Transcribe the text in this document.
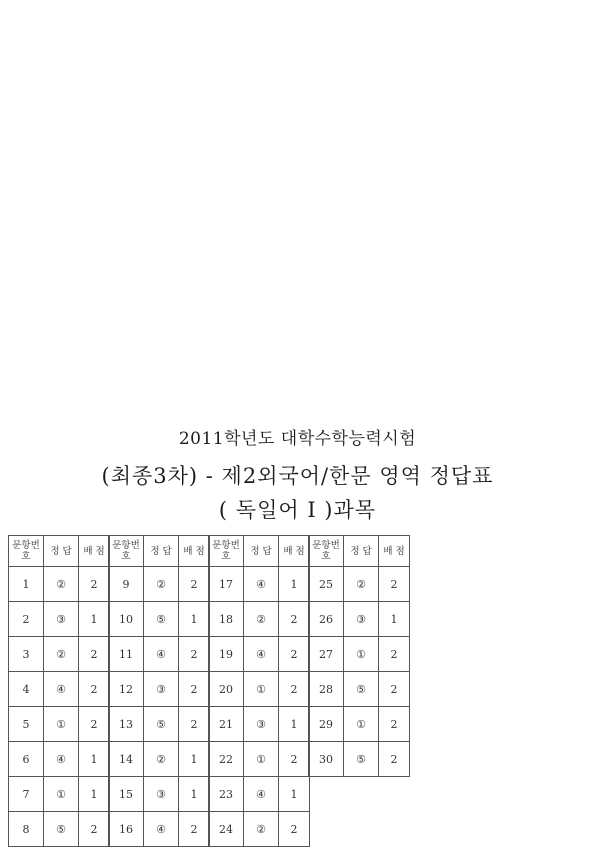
2011학년도 대학수학능력시험
(최종3차) - 제2외국어/한문 영역 정답표
( 독일어 Ⅰ )과목
문항번호	정 답	배 점
1	②	2
2	③	1
3	②	2
4	④	2
5	①	2
6	④	1
7	①	1
8	⑤	2
문항번호	정 답	배 점
9	②	2
10	⑤	1
11	④	2
12	③	2
13	⑤	2
14	②	1
15	③	1
16	④	2
문항번호	정 답	배 점
17	④	1
18	②	2
19	④	2
20	①	2
21	③	1
22	①	2
23	④	1
24	②	2
문항번호	정 답	배 점
25	②	2
26	③	1
27	①	2
28	⑤	2
29	①	2
30	⑤	2
